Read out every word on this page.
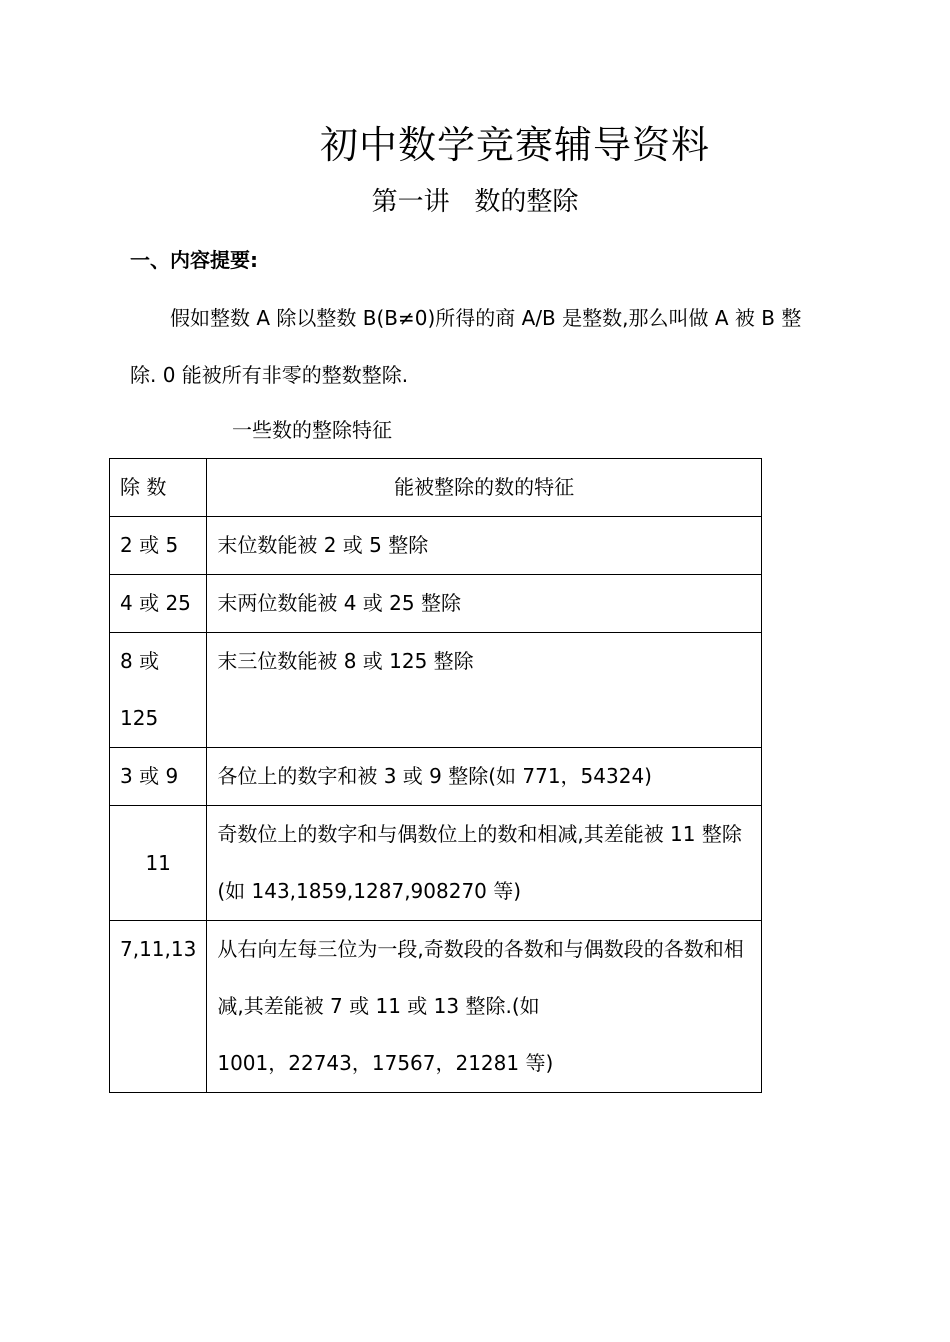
初中数学竞赛辅导资料
第一讲   数的整除
一、内容提要:

假如整数 A 除以整数 B(B≠0)所得的商 A/B 是整数,那么叫做 A 被 B 整除. 0 能被所有非零的整数整除.

一些数的整除特征

除 数	能被整除的数的特征
2 或 5	末位数能被 2 或 5 整除

4 或 25	末两位数能被 4 或 25 整除

8 或 125	末三位数能被 8 或 125 整除

3 或 9	各位上的数字和被 3 或 9 整除(如 771，54324)

11	奇数位上的数字和与偶数位上的数和相减,其差能被 11 整除
(如 143,1859,1287,908270 等)

7,11,13	从右向左每三位为一段,奇数段的各数和与偶数段的各数和相减,其差能被 7 或 11 或 13 整除.(如
1001，22743，17567，21281 等)
